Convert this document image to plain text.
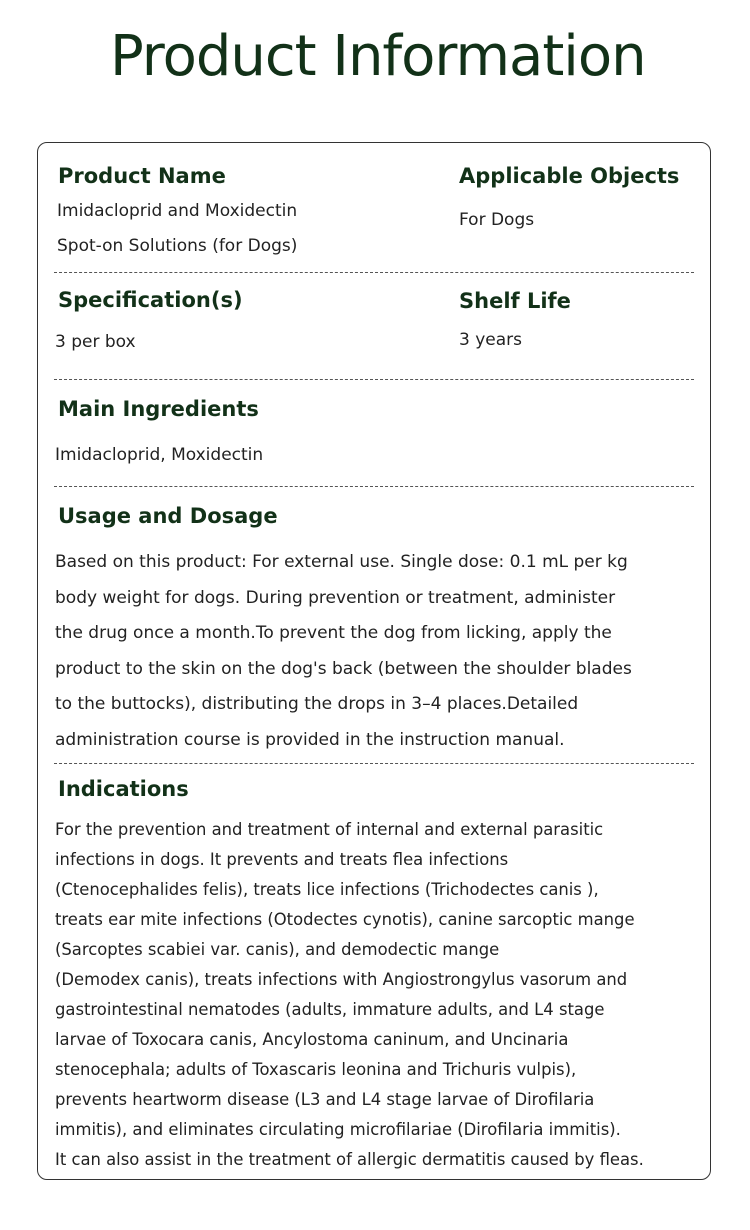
Product Information
Product Name

Imidacloprid and Moxidectin

Spot-on Solutions (for Dogs)

Applicable Objects

For Dogs

Specification(s)

3 per box

Shelf Life

3 years

Main Ingredients

Imidacloprid, Moxidectin

Usage and Dosage
Based on this product: For external use. Single dose: 0.1 mL per kg
body weight for dogs. During prevention or treatment, administer
the drug once a month.To prevent the dog from licking, apply the
product to the skin on the dog's back (between the shoulder blades
to the buttocks), distributing the drops in 3–4 places.Detailed
administration course is provided in the instruction manual.
Indications
For the prevention and treatment of internal and external parasitic
infections in dogs. It prevents and treats flea infections
(Ctenocephalides felis), treats lice infections (Trichodectes canis ),
treats ear mite infections (Otodectes cynotis), canine sarcoptic mange
(Sarcoptes scabiei var. canis), and demodectic mange
(Demodex canis), treats infections with Angiostrongylus vasorum and
gastrointestinal nematodes (adults, immature adults, and L4 stage
larvae of Toxocara canis, Ancylostoma caninum, and Uncinaria
stenocephala; adults of Toxascaris leonina and Trichuris vulpis),
prevents heartworm disease (L3 and L4 stage larvae of Dirofilaria
immitis), and eliminates circulating microfilariae (Dirofilaria immitis).
It can also assist in the treatment of allergic dermatitis caused by fleas.
